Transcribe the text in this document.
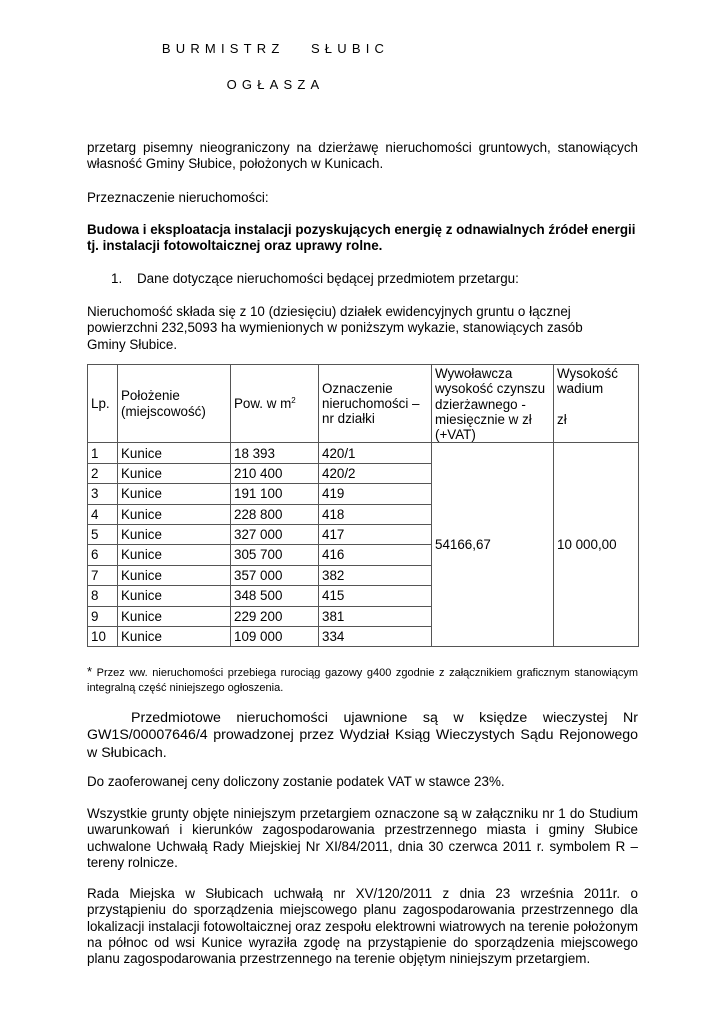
BURMISTRZ   SŁUBIC
OGŁASZA
przetarg pisemny nieograniczony na dzierżawę nieruchomości gruntowych, stanowiących własność Gminy Słubice, położonych w Kunicach.
Przeznaczenie nieruchomości:
Budowa i eksploatacja instalacji pozyskujących energię z odnawialnych źródeł energii tj. instalacji fotowoltaicznej oraz uprawy rolne.
1. Dane dotyczące nieruchomości będącej przedmiotem przetargu:
Nieruchomość składa się z 10 (dziesięciu) działek ewidencyjnych gruntu o łącznej powierzchni 232,5093 ha wymienionych w poniższym wykazie, stanowiących zasób Gminy Słubice.
Lp.	Położenie (miejscowość)	Pow. w $m^2$	Oznaczenie nieruchomości – nr działki	Wywoławcza wysokość czynszu dzierżawnego - miesięcznie w zł (+VAT)	Wysokość wadium
zł

1	Kunice	18 393	420/1	54166,67	10 000,00
2	Kunice	210 400	420/2		
3	Kunice	191 100	419		
4	Kunice	228 800	418		
5	Kunice	327 000	417		
6	Kunice	305 700	416		
7	Kunice	357 000	382		
8	Kunice	348 500	415		
9	Kunice	229 200	381		
10	Kunice	109 000	334		
* Przez ww. nieruchomości przebiega rurociąg gazowy g400 zgodnie z załącznikiem graficznym stanowiącym integralną część niniejszego ogłoszenia.
Przedmiotowe nieruchomości ujawnione są w księdze wieczystej Nr GW1S/00007646/4 prowadzonej przez Wydział Ksiąg Wieczystych Sądu Rejonowego w Słubicach.
Do zaoferowanej ceny doliczony zostanie podatek VAT w stawce 23%.
Wszystkie grunty objęte niniejszym przetargiem oznaczone są w załączniku nr 1 do Studium uwarunkowań i kierunków zagospodarowania przestrzennego miasta i gminy Słubice uchwalone Uchwałą Rady Miejskiej Nr XI/84/2011, dnia 30 czerwca 2011 r. symbolem R – tereny rolnicze.
Rada Miejska w Słubicach uchwałą nr XV/120/2011 z dnia 23 września 2011r. o przystąpieniu do sporządzenia miejscowego planu zagospodarowania przestrzennego dla lokalizacji instalacji fotowoltaicznej oraz zespołu elektrowni wiatrowych na terenie położonym na północ od wsi Kunice wyraziła zgodę na przystąpienie do sporządzenia miejscowego planu zagospodarowania przestrzennego na terenie objętym niniejszym przetargiem.
